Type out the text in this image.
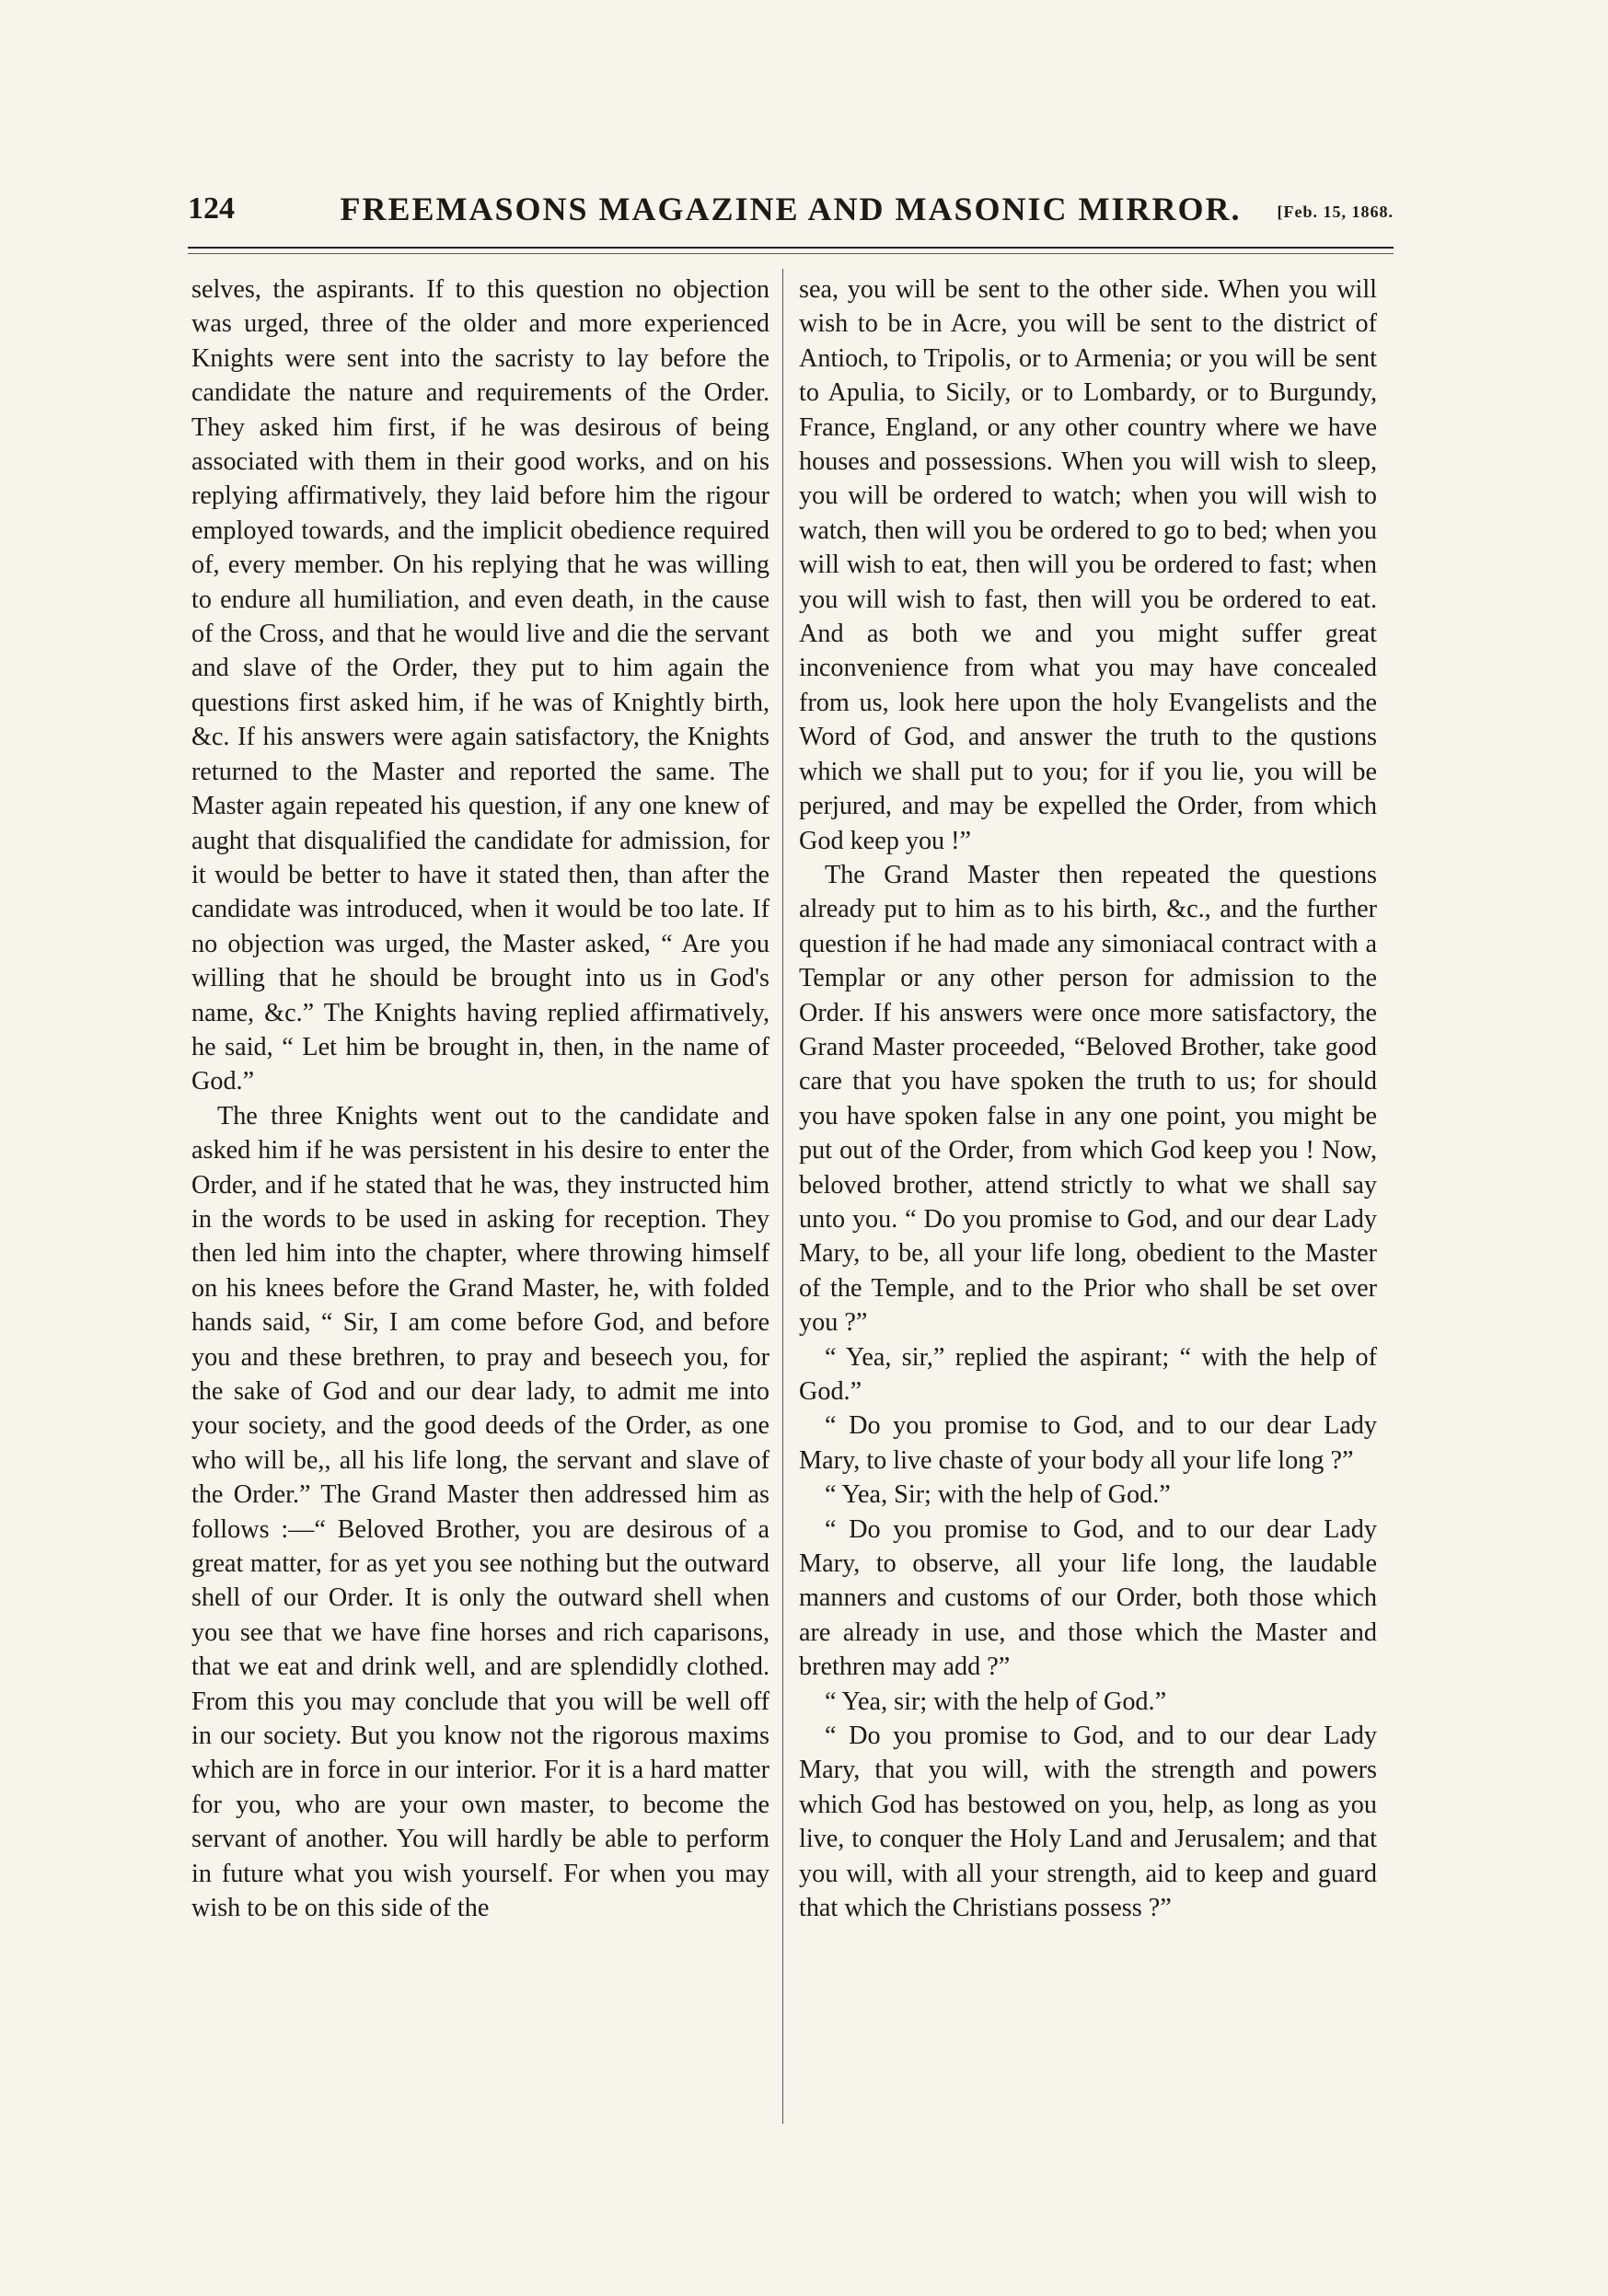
124	FREEMASONS MAGAZINE AND MASONIC MIRROR.	[Feb. 15, 1868.

selves, the aspirants. If to this question no objection was urged, three of the older and more experienced Knights were sent into the sacristy to lay before the candidate the nature and requirements of the Order. They asked him first, if he was desirous of being associated with them in their good works, and on his replying affirmatively, they laid before him the rigour employed towards, and the implicit obedience required of, every member. On his replying that he was willing to endure all humiliation, and even death, in the cause of the Cross, and that he would live and die the servant and slave of the Order, they put to him again the questions first asked him, if he was of Knightly birth, &c. If his answers were again satisfactory, the Knights returned to the Master and reported the same. The Master again repeated his question, if any one knew of aught that disqualified the candidate for admission, for it would be better to have it stated then, than after the candidate was introduced, when it would be too late. If no objection was urged, the Master asked, “ Are you willing that he should be brought into us in God's name, &c.” The Knights having replied affirmatively, he said, “ Let him be brought in, then, in the name of God.”

The three Knights went out to the candidate and asked him if he was persistent in his desire to enter the Order, and if he stated that he was, they instructed him in the words to be used in asking for reception. They then led him into the chapter, where throwing himself on his knees before the Grand Master, he, with folded hands said, “ Sir, I am come before God, and before you and these brethren, to pray and beseech you, for the sake of God and our dear lady, to admit me into your society, and the good deeds of the Order, as one who will be,, all his life long, the servant and slave of the Order.” The Grand Master then addressed him as follows :—“ Beloved Brother, you are desirous of a great matter, for as yet you see nothing but the outward shell of our Order. It is only the outward shell when you see that we have fine horses and rich caparisons, that we eat and drink well, and are splendidly clothed. From this you may conclude that you will be well off in our society. But you know not the rigorous maxims which are in force in our interior. For it is a hard matter for you, who are your own master, to become the servant of another. You will hardly be able to perform in future what you wish yourself. For when you may wish to be on this side of the

sea, you will be sent to the other side. When you will wish to be in Acre, you will be sent to the district of Antioch, to Tripolis, or to Armenia; or you will be sent to Apulia, to Sicily, or to Lombardy, or to Burgundy, France, England, or any other country where we have houses and possessions. When you will wish to sleep, you will be ordered to watch; when you will wish to watch, then will you be ordered to go to bed; when you will wish to eat, then will you be ordered to fast; when you will wish to fast, then will you be ordered to eat. And as both we and you might suffer great inconvenience from what you may have concealed from us, look here upon the holy Evangelists and the Word of God, and answer the truth to the qustions which we shall put to you; for if you lie, you will be perjured, and may be expelled the Order, from which God keep you !”

The Grand Master then repeated the questions already put to him as to his birth, &c., and the further question if he had made any simoniacal contract with a Templar or any other person for admission to the Order. If his answers were once more satisfactory, the Grand Master proceeded, “Beloved Brother, take good care that you have spoken the truth to us; for should you have spoken false in any one point, you might be put out of the Order, from which God keep you ! Now, beloved brother, attend strictly to what we shall say unto you. “ Do you promise to God, and our dear Lady Mary, to be, all your life long, obedient to the Master of the Temple, and to the Prior who shall be set over you ?”

“ Yea, sir,” replied the aspirant; “ with the help of God.”

“ Do you promise to God, and to our dear Lady Mary, to live chaste of your body all your life long ?”

“ Yea, Sir; with the help of God.”

“ Do you promise to God, and to our dear Lady Mary, to observe, all your life long, the laudable manners and customs of our Order, both those which are already in use, and those which the Master and brethren may add ?”

“ Yea, sir; with the help of God.”

“ Do you promise to God, and to our dear Lady Mary, that you will, with the strength and powers which God has bestowed on you, help, as long as you live, to conquer the Holy Land and Jerusalem; and that you will, with all your strength, aid to keep and guard that which the Christians possess ?”
